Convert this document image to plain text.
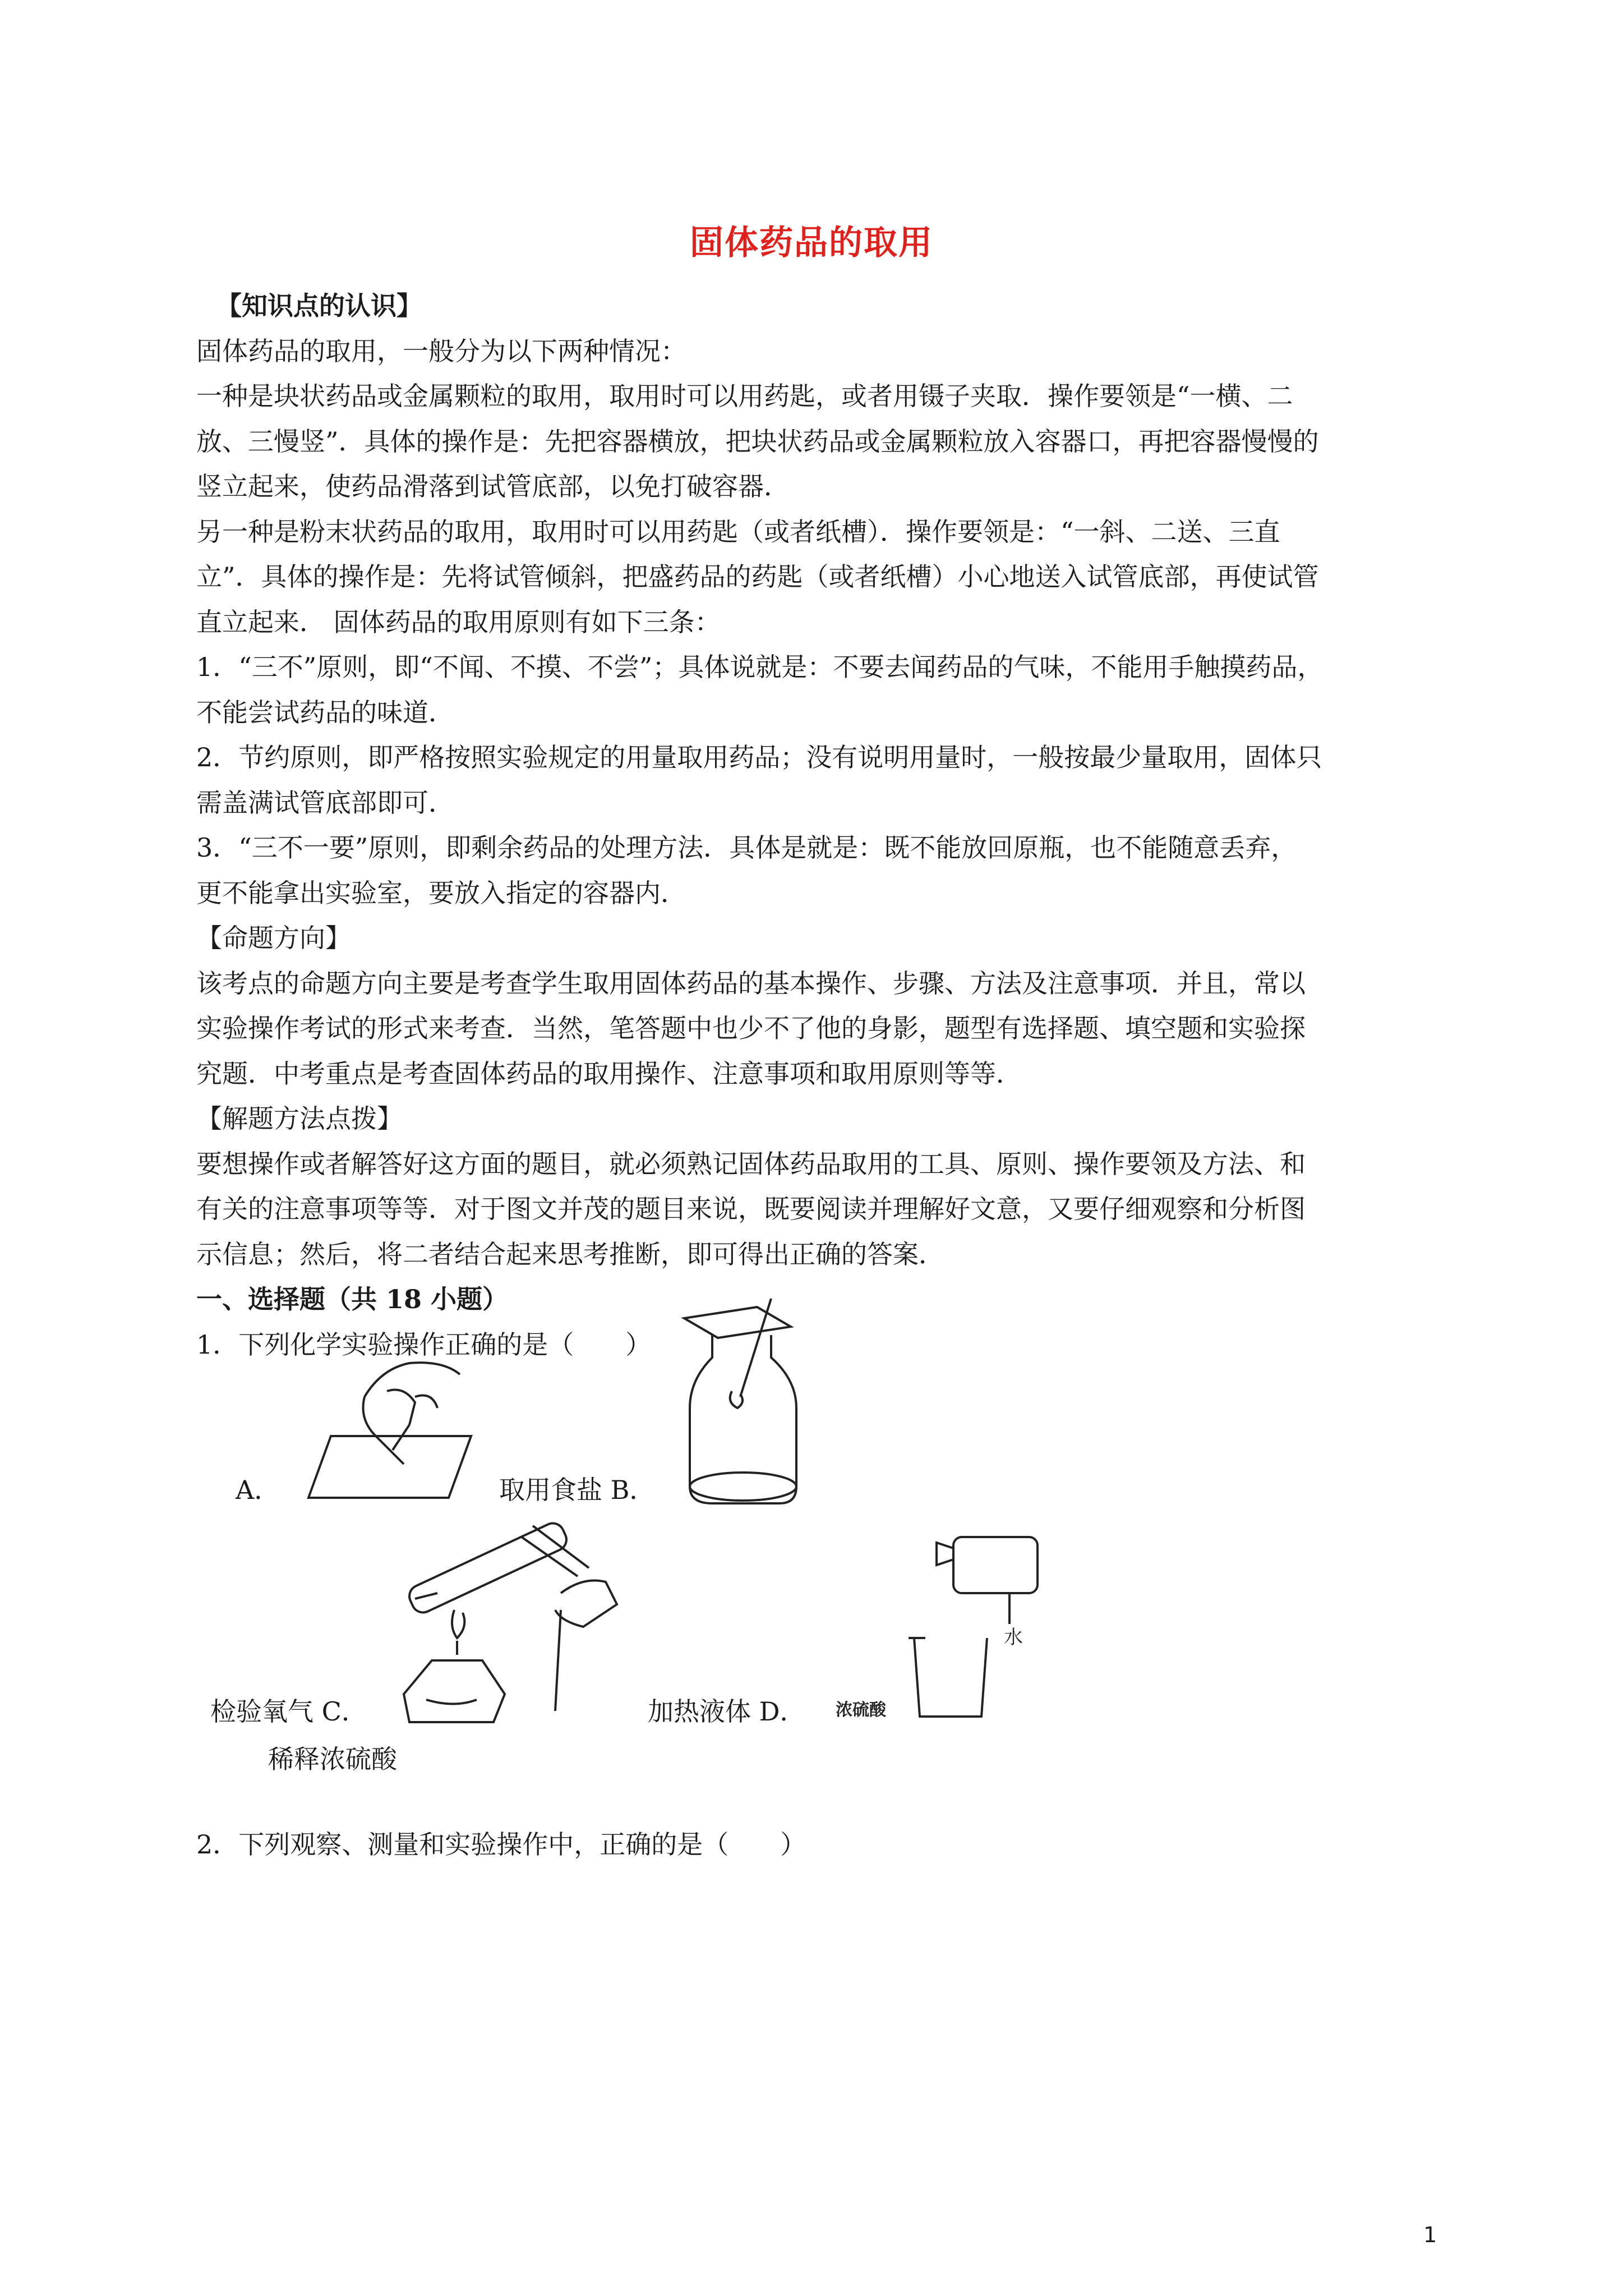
固体药品的取用

【知识点的认识】

固体药品的取用，一般分为以下两种情况：

一种是块状药品或金属颗粒的取用，取用时可以用药匙，或者用镊子夹取．操作要领是“一横、二

放、三慢竖”．具体的操作是：先把容器横放，把块状药品或金属颗粒放入容器口，再把容器慢慢的

竖立起来，使药品滑落到试管底部，以免打破容器．

另一种是粉末状药品的取用，取用时可以用药匙（或者纸槽）．操作要领是：“一斜、二送、三直

立”．具体的操作是：先将试管倾斜，把盛药品的药匙（或者纸槽）小心地送入试管底部，再使试管

直立起来． 固体药品的取用原则有如下三条：

1．“三不”原则，即“不闻、不摸、不尝”；具体说就是：不要去闻药品的气味，不能用手触摸药品，

不能尝试药品的味道．

2．节约原则，即严格按照实验规定的用量取用药品；没有说明用量时，一般按最少量取用，固体只

需盖满试管底部即可．

3．“三不一要”原则，即剩余药品的处理方法．具体是就是：既不能放回原瓶，也不能随意丢弃，

更不能拿出实验室，要放入指定的容器内．

【命题方向】

该考点的命题方向主要是考查学生取用固体药品的基本操作、步骤、方法及注意事项．并且，常以

实验操作考试的形式来考查．当然，笔答题中也少不了他的身影，题型有选择题、填空题和实验探

究题．中考重点是考查固体药品的取用操作、注意事项和取用原则等等．

【解题方法点拨】

要想操作或者解答好这方面的题目，就必须熟记固体药品取用的工具、原则、操作要领及方法、和

有关的注意事项等等．对于图文并茂的题目来说，既要阅读并理解好文意，又要仔细观察和分析图

示信息；然后，将二者结合起来思考推断，即可得出正确的答案．

一、选择题（共 18 小题）

1．下列化学实验操作正确的是（　　）

A．	取用食盐 B．
检验氧气 C．
水
浓硫酸
加热液体 D．
稀释浓硫酸
2．下列观察、测量和实验操作中，正确的是（　　）
1
